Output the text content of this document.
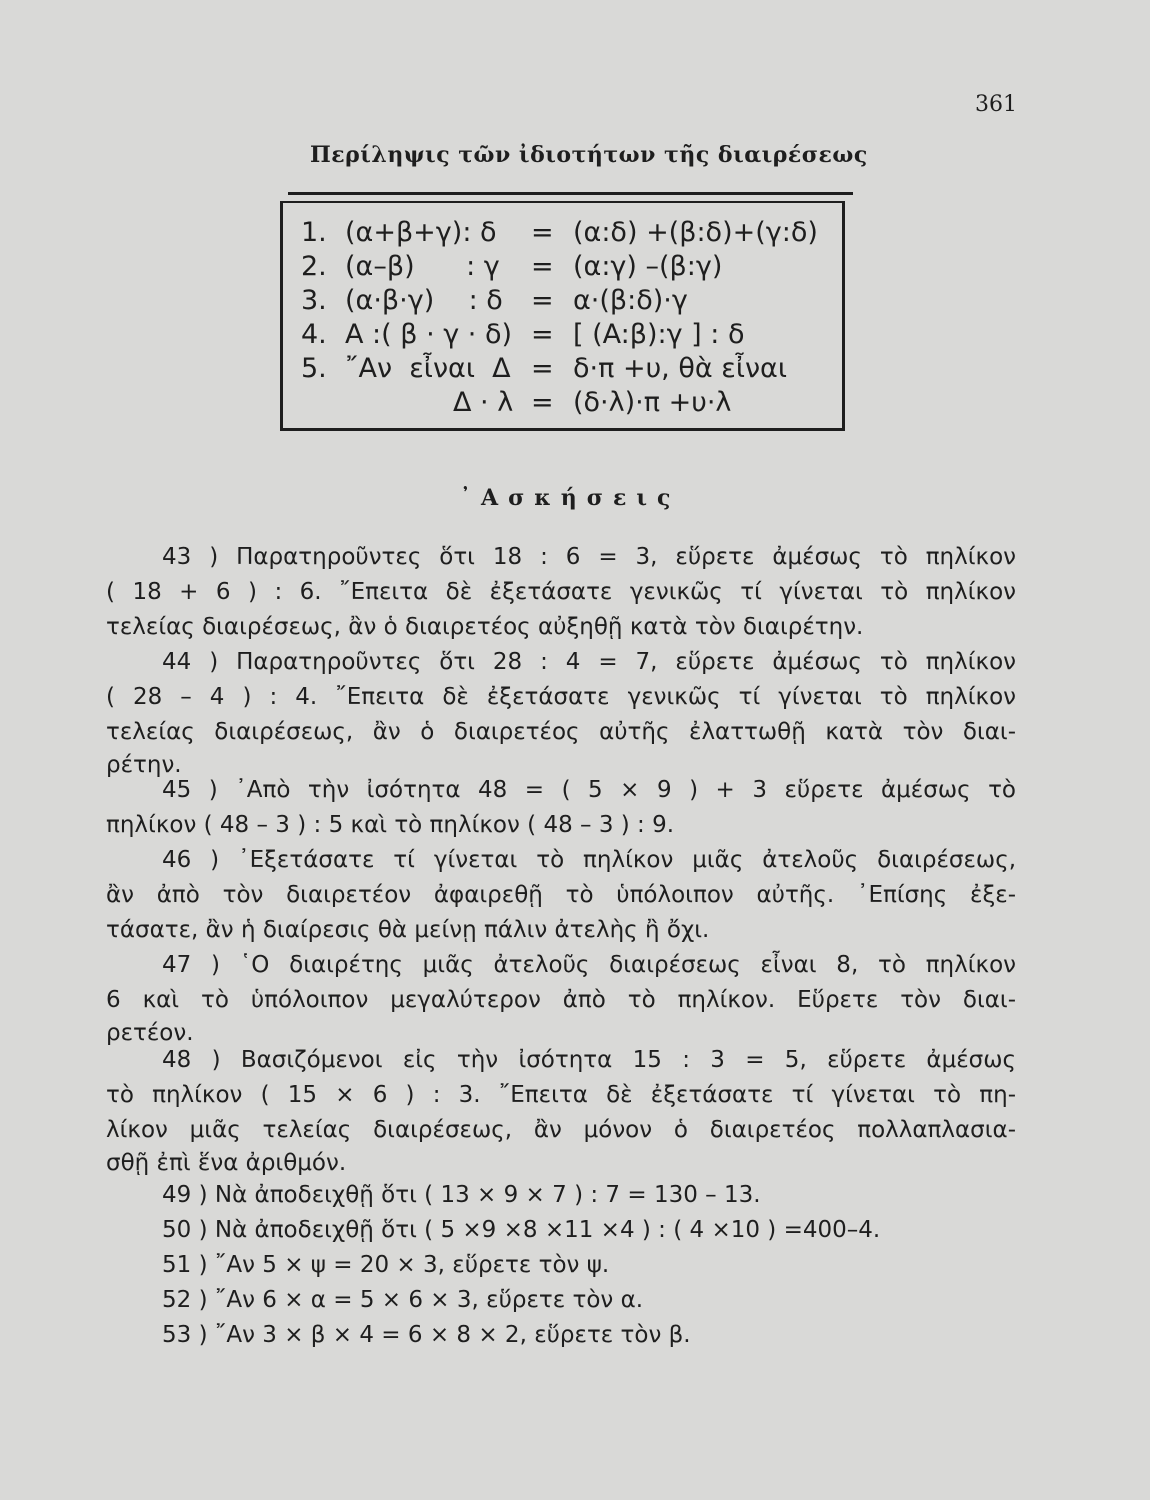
361
Περίληψις τῶν ἰδιοτήτων τῆς διαιρέσεως
1. (α+β+γ): δ = (α:δ) +(β:δ)+(γ:δ)
2. (α–β)      : γ = (α:γ) –(β:γ)
3. (α·β·γ)    : δ = α·(β:δ)·γ
4. A :( β · γ · δ) = [ (A:β):γ ] : δ
5. ῎Αν  εἶναι  Δ = δ·π +υ, θὰ εἶναι
Δ · λ = (δ·λ)·π +υ·λ
᾿Ασκήσεις
43 ) Παρατηροῦντες ὅτι 18 : 6 = 3, εὕρετε ἀμέσως τὸ πηλίκον
( 18 + 6 ) : 6. ῎Επειτα δὲ ἐξετάσατε γενικῶς τί γίνεται τὸ πηλίκον
τελείας διαιρέσεως, ἂν ὁ διαιρετέος αὐξηθῇ κατὰ τὸν διαιρέτην.
44 ) Παρατηροῦντες ὅτι 28 : 4 = 7, εὕρετε ἀμέσως τὸ πηλίκον
( 28 – 4 ) : 4. ῎Επειτα δὲ ἐξετάσατε γενικῶς τί γίνεται τὸ πηλίκον
τελείας διαιρέσεως, ἂν ὁ διαιρετέος αὐτῆς ἐλαττωθῇ κατὰ τὸν διαι-
ρέτην.
45 ) ᾿Απὸ τὴν ἰσότητα 48 = ( 5 × 9 ) + 3 εὕρετε ἀμέσως τὸ
πηλίκον ( 48 – 3 ) : 5 καὶ τὸ πηλίκον ( 48 – 3 ) : 9.
46 ) ᾿Εξετάσατε τί γίνεται τὸ πηλίκον μιᾶς ἀτελοῦς διαιρέσεως,
ἂν ἀπὸ τὸν διαιρετέον ἀφαιρεθῇ τὸ ὑπόλοιπον αὐτῆς. ᾿Επίσης ἐξε-
τάσατε, ἂν ἡ διαίρεσις θὰ μείνῃ πάλιν ἀτελὴς ἢ ὄχι.
47 ) ῾Ο διαιρέτης μιᾶς ἀτελοῦς διαιρέσεως εἶναι 8, τὸ πηλίκον
6 καὶ τὸ ὑπόλοιπον μεγαλύτερον ἀπὸ τὸ πηλίκον. Εὕρετε τὸν διαι-
ρετέον.
48 ) Βασιζόμενοι εἰς τὴν ἰσότητα 15 : 3 = 5, εὕρετε ἀμέσως
τὸ πηλίκον ( 15 × 6 ) : 3. ῎Επειτα δὲ ἐξετάσατε τί γίνεται τὸ πη-
λίκον μιᾶς τελείας διαιρέσεως, ἂν μόνον ὁ διαιρετέος πολλαπλασια-
σθῇ ἐπὶ ἕνα ἀριθμόν.
49 ) Νὰ ἀποδειχθῇ ὅτι ( 13 × 9 × 7 ) : 7 = 130 – 13.
50 ) Νὰ ἀποδειχθῇ ὅτι ( 5 ×9 ×8 ×11 ×4 ) : ( 4 ×10 ) =400–4.
51 ) ῎Αν 5 × ψ = 20 × 3, εὕρετε τὸν ψ.
52 ) ῎Αν 6 × α = 5 × 6 × 3, εὕρετε τὸν α.
53 ) ῎Αν 3 × β × 4 = 6 × 8 × 2, εὕρετε τὸν β.
